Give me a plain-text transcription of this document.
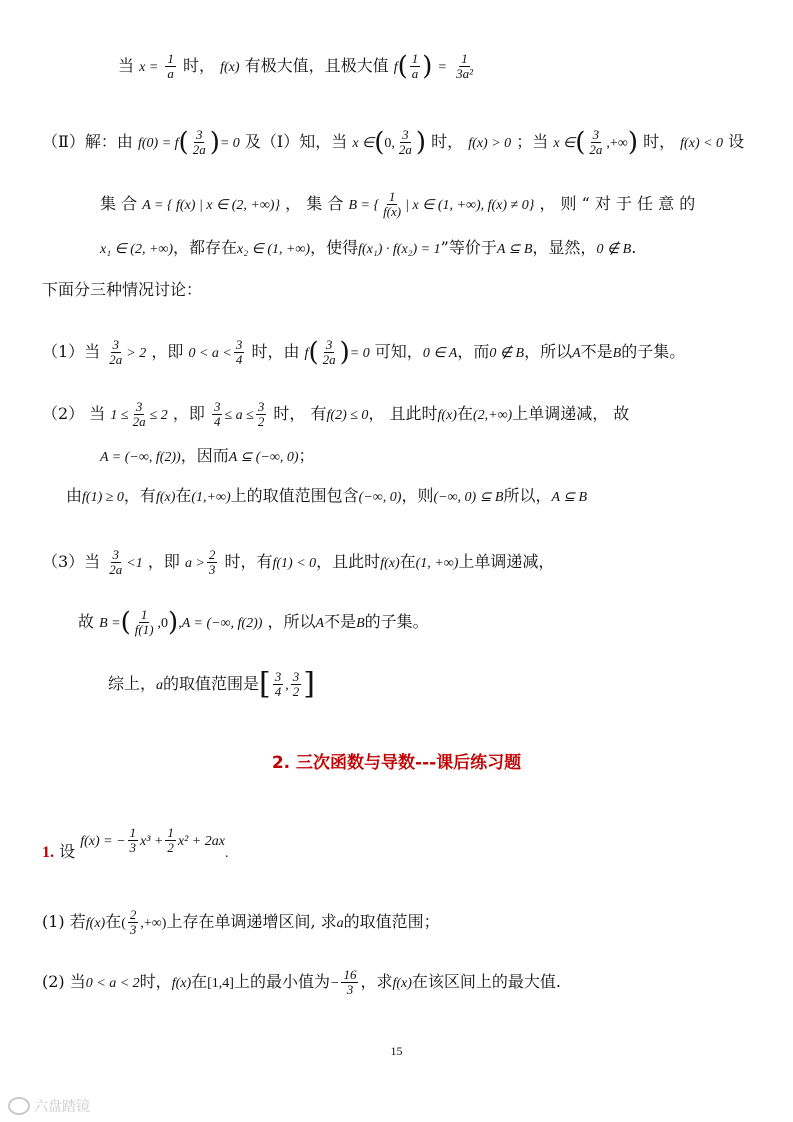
当 $x = \frac{1}{a}$ 时， f(x) 有极大值，且极大值 $f( \frac{1}{a}$ ) = $\frac{1}{\text{3a²}}$
（Ⅱ）解：由 $f(0) = f( \frac{3}{2a}$ )= 0 及（Ⅰ）知，当 x ∈(0, $\frac{3}{2a}$ ) 时， f(x) > 0 ；当 x ∈( $\frac{3}{2a}$ ,+∞) 时， f(x) < 0 设
集 合 A = { f(x) | x ∈ (2, +∞)} ， 集 合 B = { $\frac{1}{f(x)}$ | x ∈ (1, +∞), f(x) ≠ 0} ， 则 “ 对 于 任 意 的
x₁ ∈ (2, +∞)，都存在x₂ ∈ (1, +∞)，使得f(x₁) · f(x₂) = 1”等价于A ⊆ B，显然，0 ∉ B.
下面分三种情况讨论：
（1）当 $\frac{3}{2a} > 2$ ，即 $0 < a < \frac{3}{4}$ 时，由 $f( \frac{3}{2a}$ )= 0 可知，0 ∈ A，而0 ∉ B，所以A不是B的子集。
（2） 当 $1 \le \frac{3}{2a} \le 2$ ，即 $\frac{3}{4} \le a \le \frac{3}{2}$ 时， 有f(2) ≤ 0， 且此时f(x)在(2,+∞)上单调递减， 故
A = (−∞, f(2))，因而A ⊆ (−∞, 0)；
由f(1) ≥ 0，有f(x)在(1,+∞)上的取值范围包含(−∞, 0)，则(−∞, 0) ⊆ B所以，A ⊆ B
（3）当 $\frac{3}{2a} <1$ ，即 $a > \frac{2}{3}$ 时，有f(1) < 0，且此时f(x)在(1, +∞)上单调递减，
故 B =( $\frac{1}{f(1)} ,0),A$ = (−∞, f(2)) ，所以A不是B的子集。
综上，a的取值范围是[ $\frac{3}{4}$ , $\frac{3}{2}$ ]
2. 三次函数与导数---课后练习题
1. 设 f(x) = − $\frac{1}{3} x^3 + \frac{1}{2} x^2 + 2ax$.
(1) 若f(x)在( $\frac{2}{3}$ ,+∞)上存在单调递增区间, 求a的取值范围；
(2) 当0 < a < 2时，f(x)在[1,4]上的最小值为− $\frac{16}{3}$ ，求f(x)在该区间上的最大值.
15
六盘踏镜
